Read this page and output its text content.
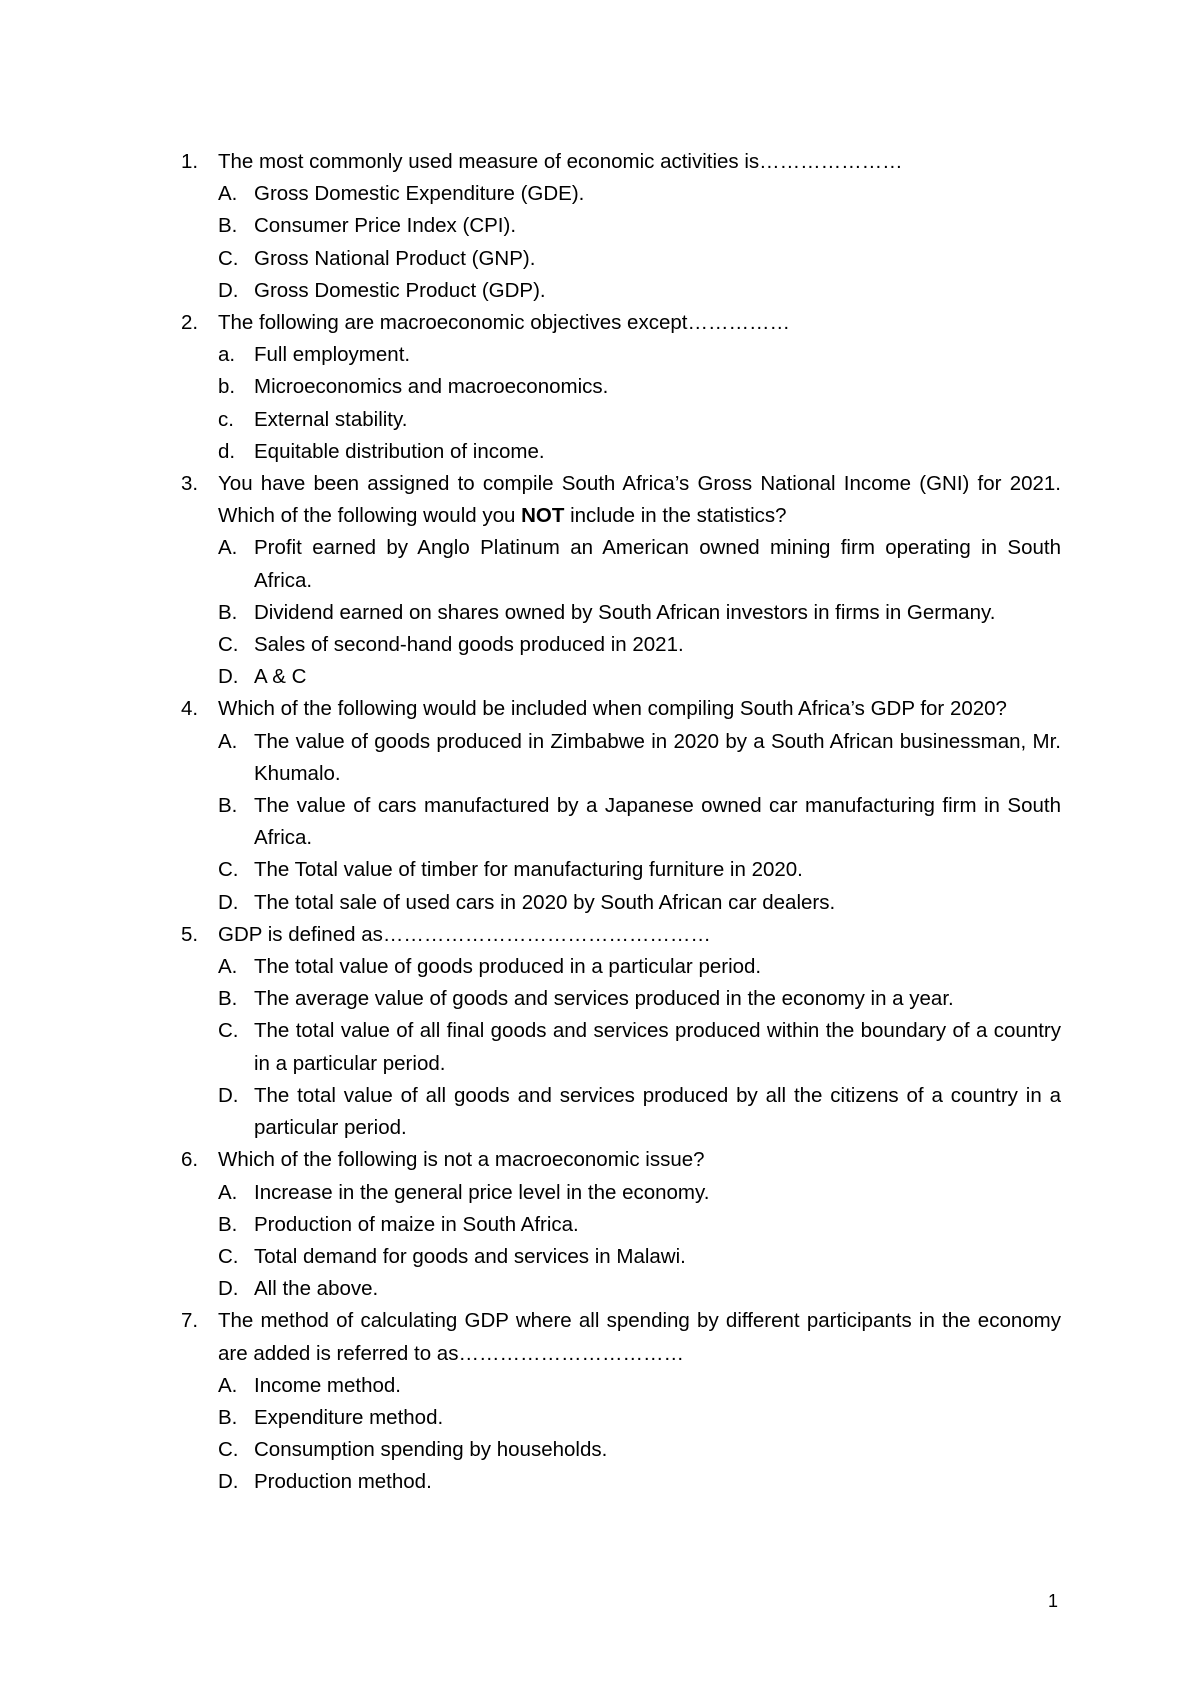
1. The most commonly used measure of economic activities is…………………
A. Gross Domestic Expenditure (GDE).
B. Consumer Price Index (CPI).
C. Gross National Product (GNP).
D. Gross Domestic Product (GDP).
2. The following are macroeconomic objectives except……………
a. Full employment.
b. Microeconomics and macroeconomics.
c. External stability.
d. Equitable distribution of income.
3. You have been assigned to compile South Africa’s Gross National Income (GNI) for 2021. Which of the following would you NOT include in the statistics?
A. Profit earned by Anglo Platinum an American owned mining firm operating in South Africa.
B. Dividend earned on shares owned by South African investors in firms in Germany.
C. Sales of second-hand goods produced in 2021.
D. A & C
4. Which of the following would be included when compiling South Africa’s GDP for 2020?
A. The value of goods produced in Zimbabwe in 2020 by a South African businessman, Mr. Khumalo.
B. The value of cars manufactured by a Japanese owned car manufacturing firm in South Africa.
C. The Total value of timber for manufacturing furniture in 2020.
D. The total sale of used cars in 2020 by South African car dealers.
5. GDP is defined as…………………………………………
A. The total value of goods produced in a particular period.
B. The average value of goods and services produced in the economy in a year.
C. The total value of all final goods and services produced within the boundary of a country in a particular period.
D. The total value of all goods and services produced by all the citizens of a country in a particular period.
6. Which of the following is not a macroeconomic issue?
A. Increase in the general price level in the economy.
B. Production of maize in South Africa.
C. Total demand for goods and services in Malawi.
D. All the above.
7. The method of calculating GDP where all spending by different participants in the economy are added is referred to as……………………………
A. Income method.
B. Expenditure method.
C. Consumption spending by households.
D. Production method.
1
